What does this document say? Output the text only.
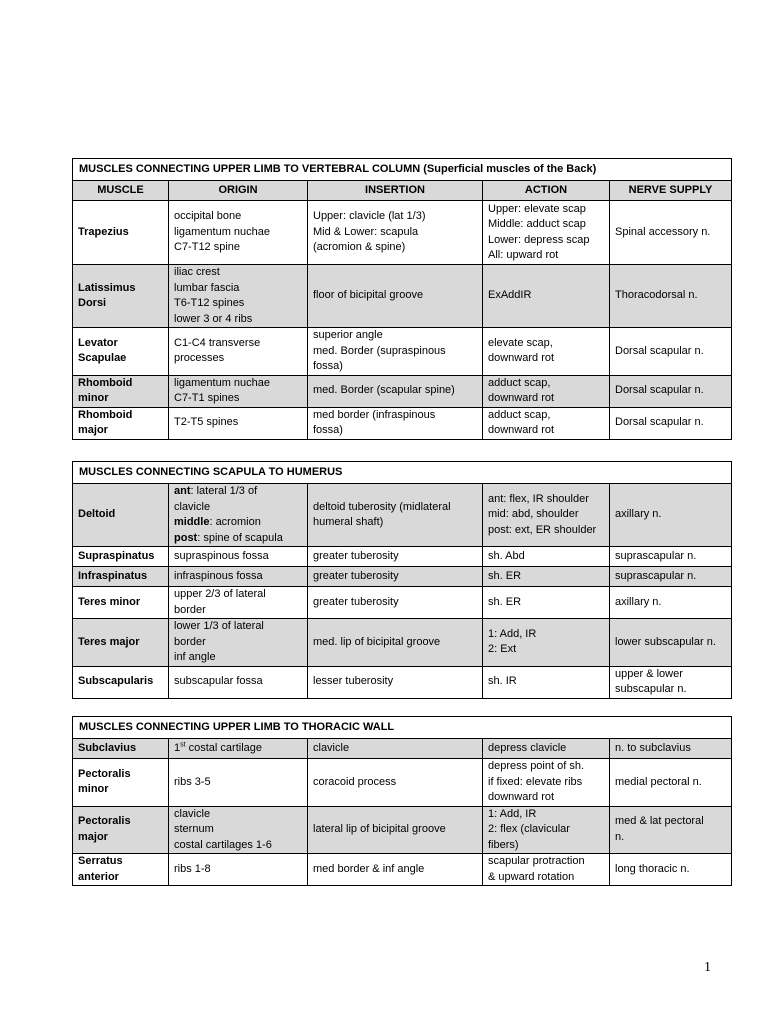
MUSCLES CONNECTING UPPER LIMB TO VERTEBRAL COLUMN (Superficial muscles of the Back)				
MUSCLE	ORIGIN	INSERTION	ACTION	NERVE SUPPLY

Trapezius	occipital bone
ligamentum nuchae
C7-T12 spine	Upper: clavicle (lat 1/3)
Mid & Lower: scapula
(acromion & spine)	Upper: elevate scap
Middle: adduct scap
Lower: depress scap
All: upward rot	Spinal accessory n.

Latissimus
Dorsi	iliac crest
lumbar fascia
T6-T12 spines
lower 3 or 4 ribs	floor of bicipital groove	ExAddIR	Thoracodorsal n.

Levator
Scapulae	C1-C4 transverse
processes	superior angle
med. Border (supraspinous
fossa)	elevate scap,
downward rot	Dorsal scapular n.

Rhomboid
minor	ligamentum nuchae
C7-T1 spines	med. Border (scapular spine)	adduct scap,
downward rot	Dorsal scapular n.

Rhomboid
major	T2-T5 spines	med border (infraspinous
fossa)	adduct scap,
downward rot	Dorsal scapular n.
MUSCLES CONNECTING SCAPULA TO HUMERUS				

Deltoid	ant: lateral 1/3 of
clavicle
middle: acromion
post: spine of scapula	deltoid tuberosity (midlateral
humeral shaft)	ant: flex, IR shoulder
mid: abd, shoulder
post: ext, ER shoulder	axillary n.

Supraspinatus	supraspinous fossa	greater tuberosity	sh. Abd	suprascapular n.

Infraspinatus	infraspinous fossa	greater tuberosity	sh. ER	suprascapular n.

Teres minor	upper 2/3 of lateral
border	greater tuberosity	sh. ER	axillary n.

Teres major	lower 1/3 of lateral
border
inf angle	med. lip of bicipital groove	1: Add, IR
2: Ext	lower subscapular n.

Subscapularis	subscapular fossa	lesser tuberosity	sh. IR	upper & lower
subscapular n.
MUSCLES CONNECTING UPPER LIMB TO THORACIC WALL				

Subclavius	1st costal cartilage	clavicle	depress clavicle	n. to subclavius

Pectoralis
minor	ribs 3-5	coracoid process	depress point of sh.
if fixed: elevate ribs
downward rot	medial pectoral n.

Pectoralis
major	clavicle
sternum
costal cartilages 1-6	lateral lip of bicipital groove	1: Add, IR
2: flex (clavicular
fibers)	med & lat pectoral
n.

Serratus
anterior	ribs 1-8	med border & inf angle	scapular protraction
& upward rotation	long thoracic n.
1
